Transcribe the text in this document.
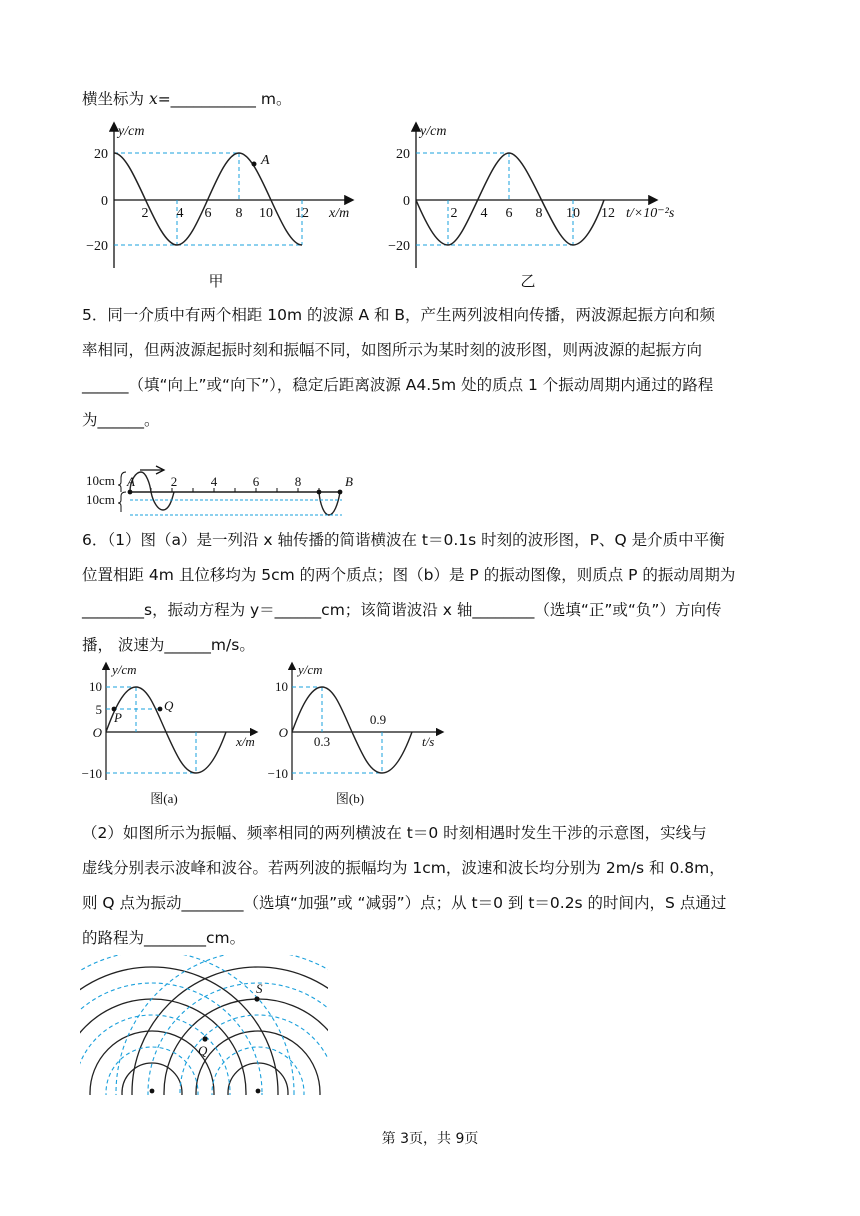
横坐标为 x=___________ m。
y/cm
20
0
−20
A
2 4 6 8 10 12 x/m
甲
y/cm
20
0
−20
2 4 6 8 10 12 t/×10⁻²s
乙
5．同一介质中有两个相距 10m 的波源 A 和 B，产生两列波相向传播，两波源起振方向和频
率相同，但两波源起振时刻和振幅不同，如图所示为某时刻的波形图，则两波源的起振方向
______（填“向上”或“向下”），稳定后距离波源 A4.5m 处的质点 1 个振动周期内通过的路程
为______。
A	B
10cm
10cm
2	4	6	8
6．（1）图（a）是一列沿 x 轴传播的简谐横波在 t＝0.1s 时刻的波形图，P、Q 是介质中平衡
位置相距 4m 且位移均为 5cm 的两个质点；图（b）是 P 的振动图像，则质点 P 的振动周期为
________s，振动方程为 y＝______cm；该简谐波沿 x 轴________（选填“正”或“负”）方向传
播， 波速为______m/s。
y/cm
10
5
O
−10
P
Q
x/m
图(a)
y/cm
10
O
−10
0.3
0.9
t/s
图(b)
（2）如图所示为振幅、频率相同的两列横波在 t＝0 时刻相遇时发生干涉的示意图，实线与
虚线分别表示波峰和波谷。若两列波的振幅均为 1cm，波速和波长均分别为 2m/s 和 0.8m，
则 Q 点为振动________（选填“加强”或 “减弱”）点；从 t＝0 到 t＝0.2s 的时间内，S 点通过
的路程为________cm。
Q
S
第 3页，共 9页
